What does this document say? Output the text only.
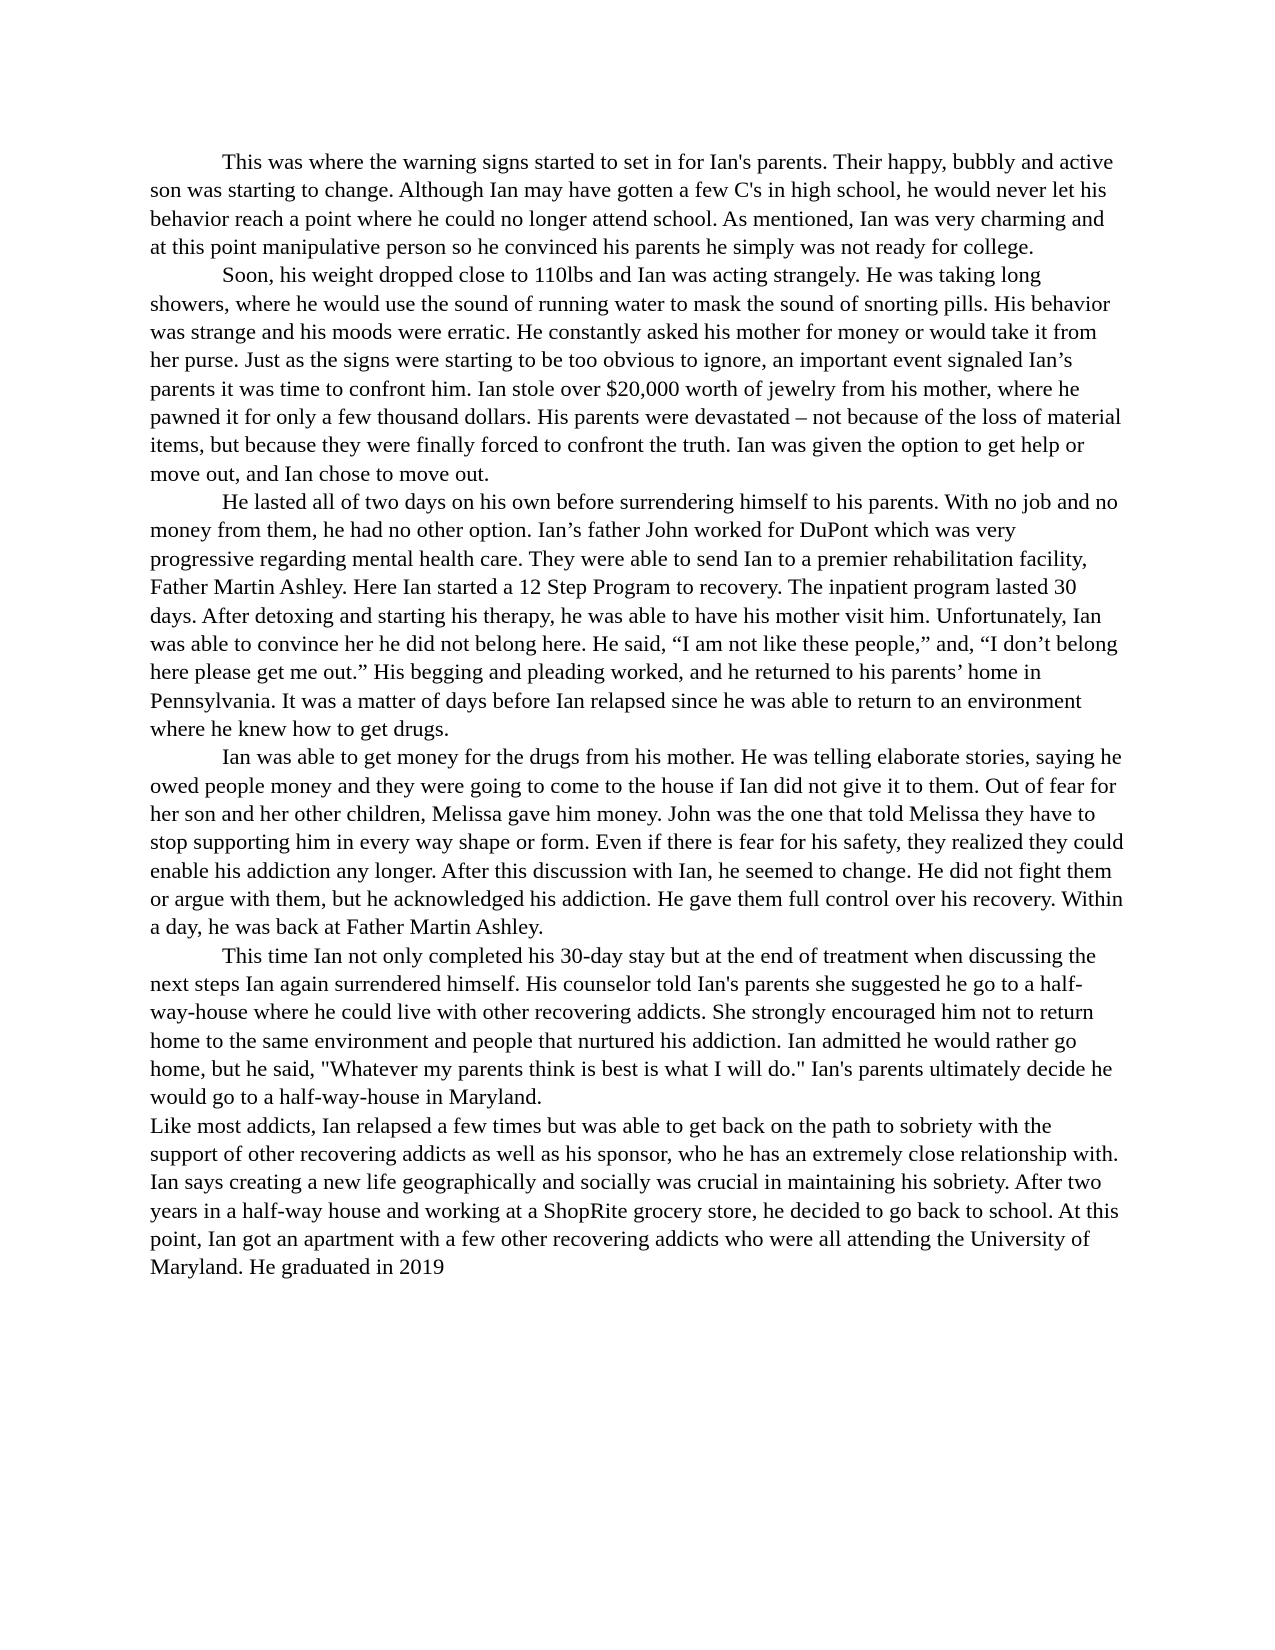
This was where the warning signs started to set in for Ian's parents. Their happy, bubbly and active son was starting to change. Although Ian may have gotten a few C's in high school, he would never let his behavior reach a point where he could no longer attend school. As mentioned, Ian was very charming and at this point manipulative person so he convinced his parents he simply was not ready for college.

Soon, his weight dropped close to 110lbs and Ian was acting strangely. He was taking long showers, where he would use the sound of running water to mask the sound of snorting pills. His behavior was strange and his moods were erratic. He constantly asked his mother for money or would take it from her purse. Just as the signs were starting to be too obvious to ignore, an important event signaled Ian’s parents it was time to confront him. Ian stole over $20,000 worth of jewelry from his mother, where he pawned it for only a few thousand dollars. His parents were devastated – not because of the loss of material items, but because they were finally forced to confront the truth. Ian was given the option to get help or move out, and Ian chose to move out.

He lasted all of two days on his own before surrendering himself to his parents. With no job and no money from them, he had no other option. Ian’s father John worked for DuPont which was very progressive regarding mental health care. They were able to send Ian to a premier rehabilitation facility, Father Martin Ashley. Here Ian started a 12 Step Program to recovery. The inpatient program lasted 30 days. After detoxing and starting his therapy, he was able to have his mother visit him. Unfortunately, Ian was able to convince her he did not belong here. He said, “I am not like these people,” and, “I don’t belong here please get me out.” His begging and pleading worked, and he returned to his parents’ home in Pennsylvania. It was a matter of days before Ian relapsed since he was able to return to an environment where he knew how to get drugs.

Ian was able to get money for the drugs from his mother. He was telling elaborate stories, saying he owed people money and they were going to come to the house if Ian did not give it to them. Out of fear for her son and her other children, Melissa gave him money. John was the one that told Melissa they have to stop supporting him in every way shape or form. Even if there is fear for his safety, they realized they could enable his addiction any longer. After this discussion with Ian, he seemed to change. He did not fight them or argue with them, but he acknowledged his addiction. He gave them full control over his recovery. Within a day, he was back at Father Martin Ashley.

This time Ian not only completed his 30-day stay but at the end of treatment when discussing the next steps Ian again surrendered himself. His counselor told Ian's parents she suggested he go to a half-way-house where he could live with other recovering addicts. She strongly encouraged him not to return home to the same environment and people that nurtured his addiction. Ian admitted he would rather go home, but he said, "Whatever my parents think is best is what I will do." Ian's parents ultimately decide he would go to a half-way-house in Maryland.

Like most addicts, Ian relapsed a few times but was able to get back on the path to sobriety with the support of other recovering addicts as well as his sponsor, who he has an extremely close relationship with. Ian says creating a new life geographically and socially was crucial in maintaining his sobriety. After two years in a half-way house and working at a ShopRite grocery store, he decided to go back to school. At this point, Ian got an apartment with a few other recovering addicts who were all attending the University of Maryland. He graduated in 2019
